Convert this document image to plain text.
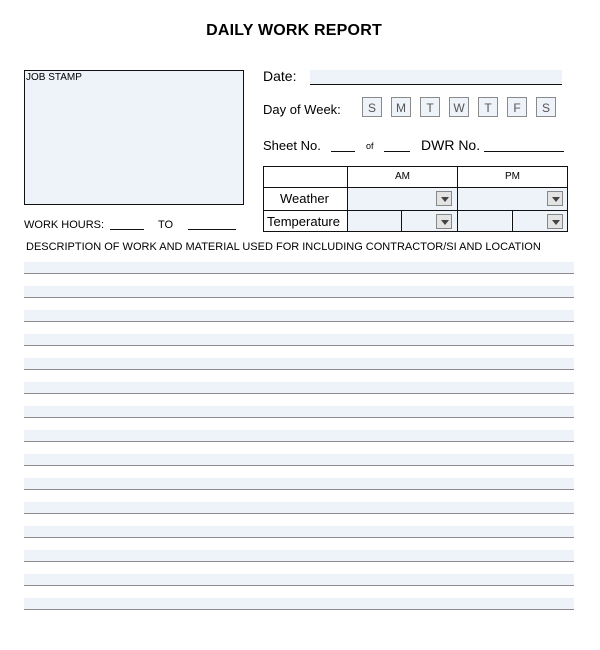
DAILY WORK REPORT
JOB STAMP	Date:
Day of Week:	S	M	T	W	T	F	S
Sheet No.	of	DWR No.
AM	PM
Weather
Temperature
WORK HOURS:	TO
DESCRIPTION OF WORK AND MATERIAL USED FOR INCLUDING CONTRACTOR/SI AND LOCATION
